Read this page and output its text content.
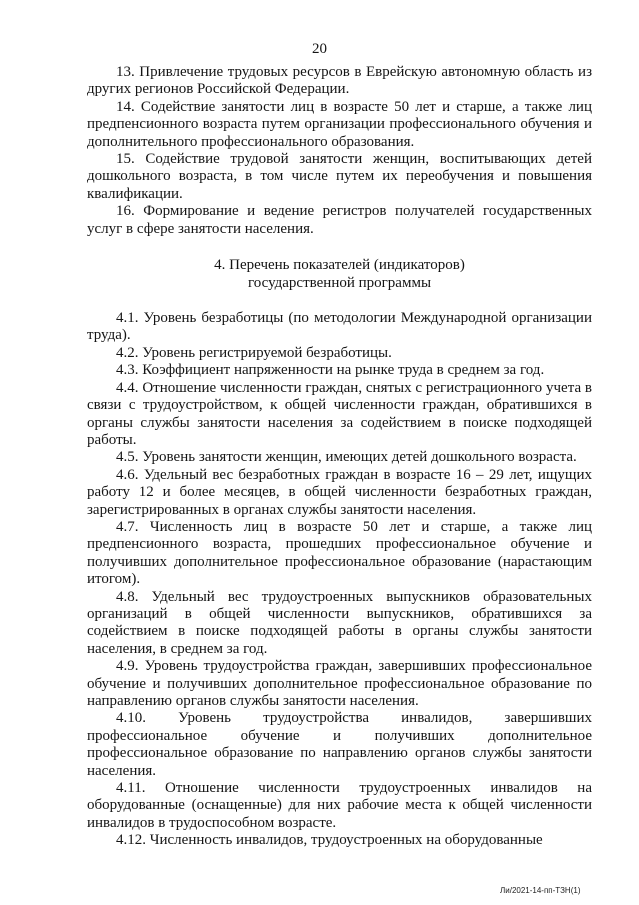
20

13. Привлечение трудовых ресурсов в Еврейскую автономную область из других регионов Российской Федерации.

14. Содействие занятости лиц в возрасте 50 лет и старше, а также лиц предпенсионного возраста путем организации профессионального обучения и дополнительного профессионального образования.

15. Содействие трудовой занятости женщин, воспитывающих детей дошкольного возраста, в том числе путем их переобучения и повышения квалификации.

16. Формирование и ведение регистров получателей государственных услуг в сфере занятости населения.

4. Перечень показателей (индикаторов)
государственной программы

4.1. Уровень безработицы (по методологии Международной организации труда).

4.2. Уровень регистрируемой безработицы.

4.3. Коэффициент напряженности на рынке труда в среднем за год.

4.4. Отношение численности граждан, снятых с регистрационного учета в связи с трудоустройством, к общей численности граждан, обратившихся в органы службы занятости населения за содействием в поиске подходящей работы.

4.5. Уровень занятости женщин, имеющих детей дошкольного возраста.

4.6. Удельный вес безработных граждан в возрасте 16 – 29 лет, ищущих работу 12 и более месяцев, в общей численности безработных граждан, зарегистрированных в органах службы занятости населения.

4.7. Численность лиц в возрасте 50 лет и старше, а также лиц предпенсионного возраста, прошедших профессиональное обучение и получивших дополнительное профессиональное образование (нарастающим итогом).

4.8. Удельный вес трудоустроенных выпускников образовательных организаций в общей численности выпускников, обратившихся за содействием в поиске подходящей работы в органы службы занятости населения, в среднем за год.

4.9. Уровень трудоустройства граждан, завершивших профессиональное обучение и получивших дополнительное профессиональное образование по направлению органов службы занятости населения.

4.10. Уровень трудоустройства инвалидов, завершивших профессиональное обучение и получивших дополнительное профессиональное образование по направлению органов службы занятости населения.

4.11. Отношение численности трудоустроенных инвалидов на оборудованные (оснащенные) для них рабочие места к общей численности инвалидов в трудоспособном возрасте.

4.12. Численность инвалидов, трудоустроенных на оборудованные

Ли/2021-14-пп-ТЗН(1)
